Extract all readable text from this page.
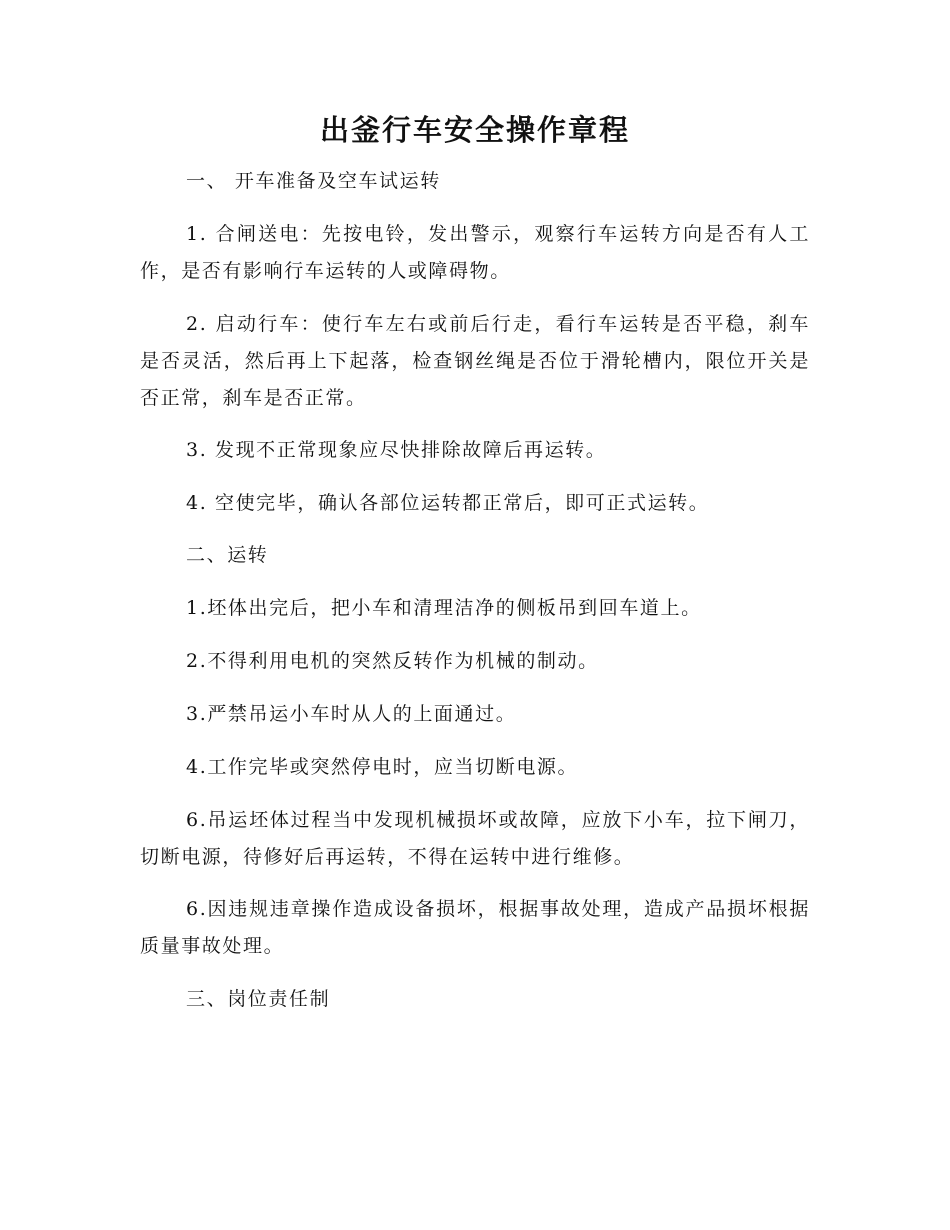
出釜行车安全操作章程
一、 开车准备及空车试运转
1. 合闸送电：先按电铃，发出警示，观察行车运转方向是否有人工作，是否有影响行车运转的人或障碍物。
2. 启动行车：使行车左右或前后行走，看行车运转是否平稳，刹车是否灵活，然后再上下起落，检查钢丝绳是否位于滑轮槽内，限位开关是否正常，刹车是否正常。
3. 发现不正常现象应尽快排除故障后再运转。
4. 空使完毕，确认各部位运转都正常后，即可正式运转。
二、运转
1.坯体出完后，把小车和清理洁净的侧板吊到回车道上。
2.不得利用电机的突然反转作为机械的制动。
3.严禁吊运小车时从人的上面通过。
4.工作完毕或突然停电时，应当切断电源。
6.吊运坯体过程当中发现机械损坏或故障，应放下小车，拉下闸刀，切断电源，待修好后再运转，不得在运转中进行维修。
6.因违规违章操作造成设备损坏，根据事故处理，造成产品损坏根据质量事故处理。
三、岗位责任制
